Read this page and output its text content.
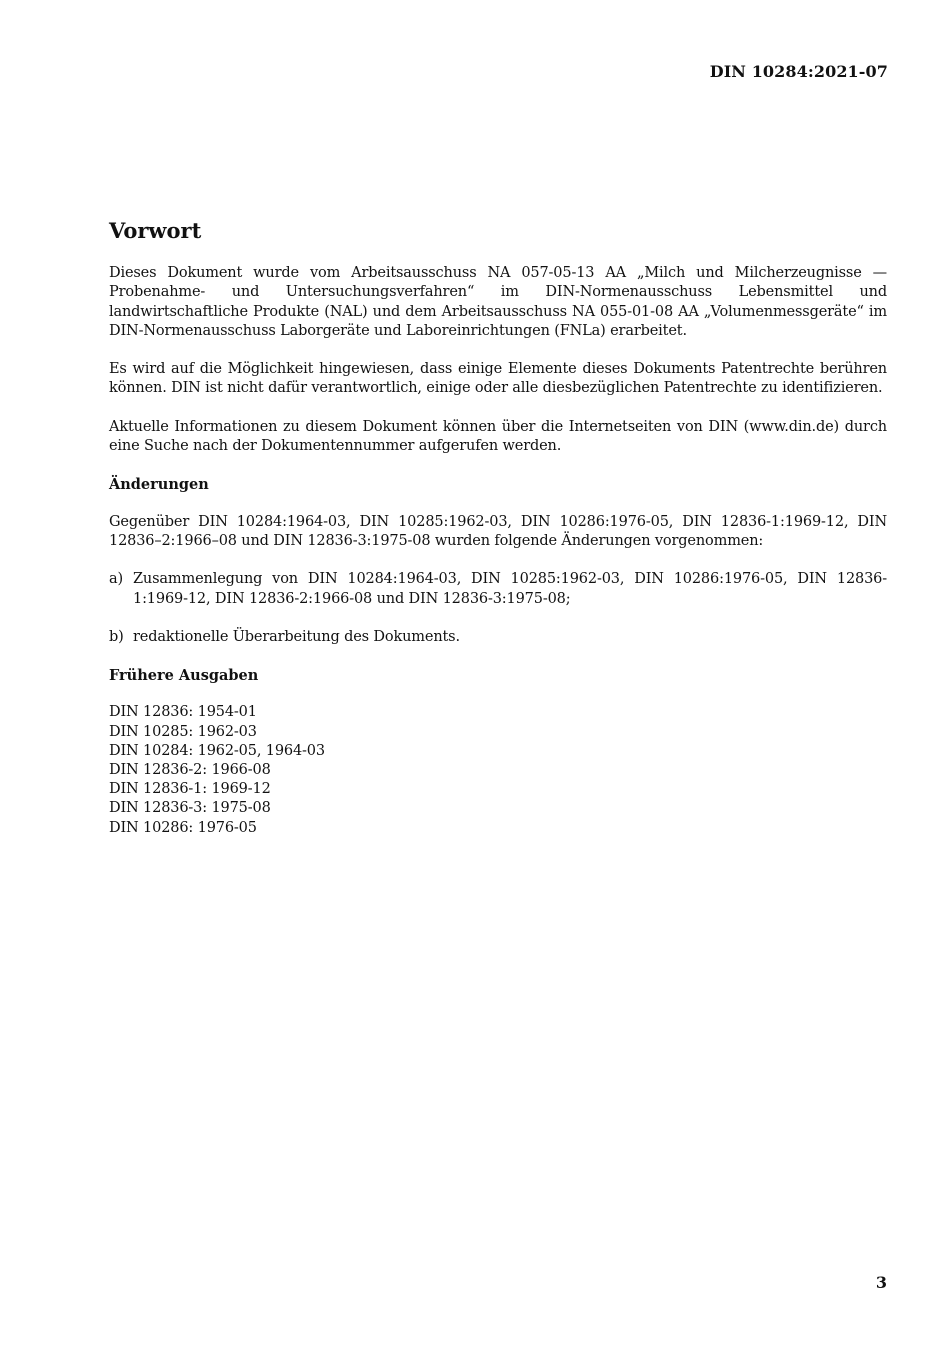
DIN 10284:2021-07
Vorwort

Dieses Dokument wurde vom Arbeitsausschuss NA 057-05-13 AA „Milch und Milcherzeugnisse — Probenahme- und Untersuchungsverfahren“ im DIN-Normenausschuss Lebensmittel und landwirtschaftliche Produkte (NAL) und dem Arbeitsausschuss NA 055-01-08 AA „Volumenmessgeräte“ im DIN-Normenausschuss Laborgeräte und Laboreinrichtungen (FNLa) erarbeitet.

Es wird auf die Möglichkeit hingewiesen, dass einige Elemente dieses Dokuments Patentrechte berühren können. DIN ist nicht dafür verantwortlich, einige oder alle diesbezüglichen Patentrechte zu identifizieren.

Aktuelle Informationen zu diesem Dokument können über die Internetseiten von DIN (www.din.de) durch eine Suche nach der Dokumentennummer aufgerufen werden.

Änderungen

Gegenüber DIN 10284:1964-03, DIN 10285:1962-03, DIN 10286:1976-05, DIN 12836-1:1969-12, DIN 12836–2:1966–08 und DIN 12836-3:1975-08 wurden folgende Änderungen vorgenommen:

a) Zusammenlegung von DIN 10284:1964-03, DIN 10285:1962-03, DIN 10286:1976-05, DIN 12836-1:1969-12, DIN 12836-2:1966-08 und DIN 12836-3:1975-08;
b) redaktionelle Überarbeitung des Dokuments.
Frühere Ausgaben
DIN 12836: 1954-01
DIN 10285: 1962-03
DIN 10284: 1962-05, 1964-03
DIN 12836-2: 1966-08
DIN 12836-1: 1969-12
DIN 12836-3: 1975-08
DIN 10286: 1976-05
3
